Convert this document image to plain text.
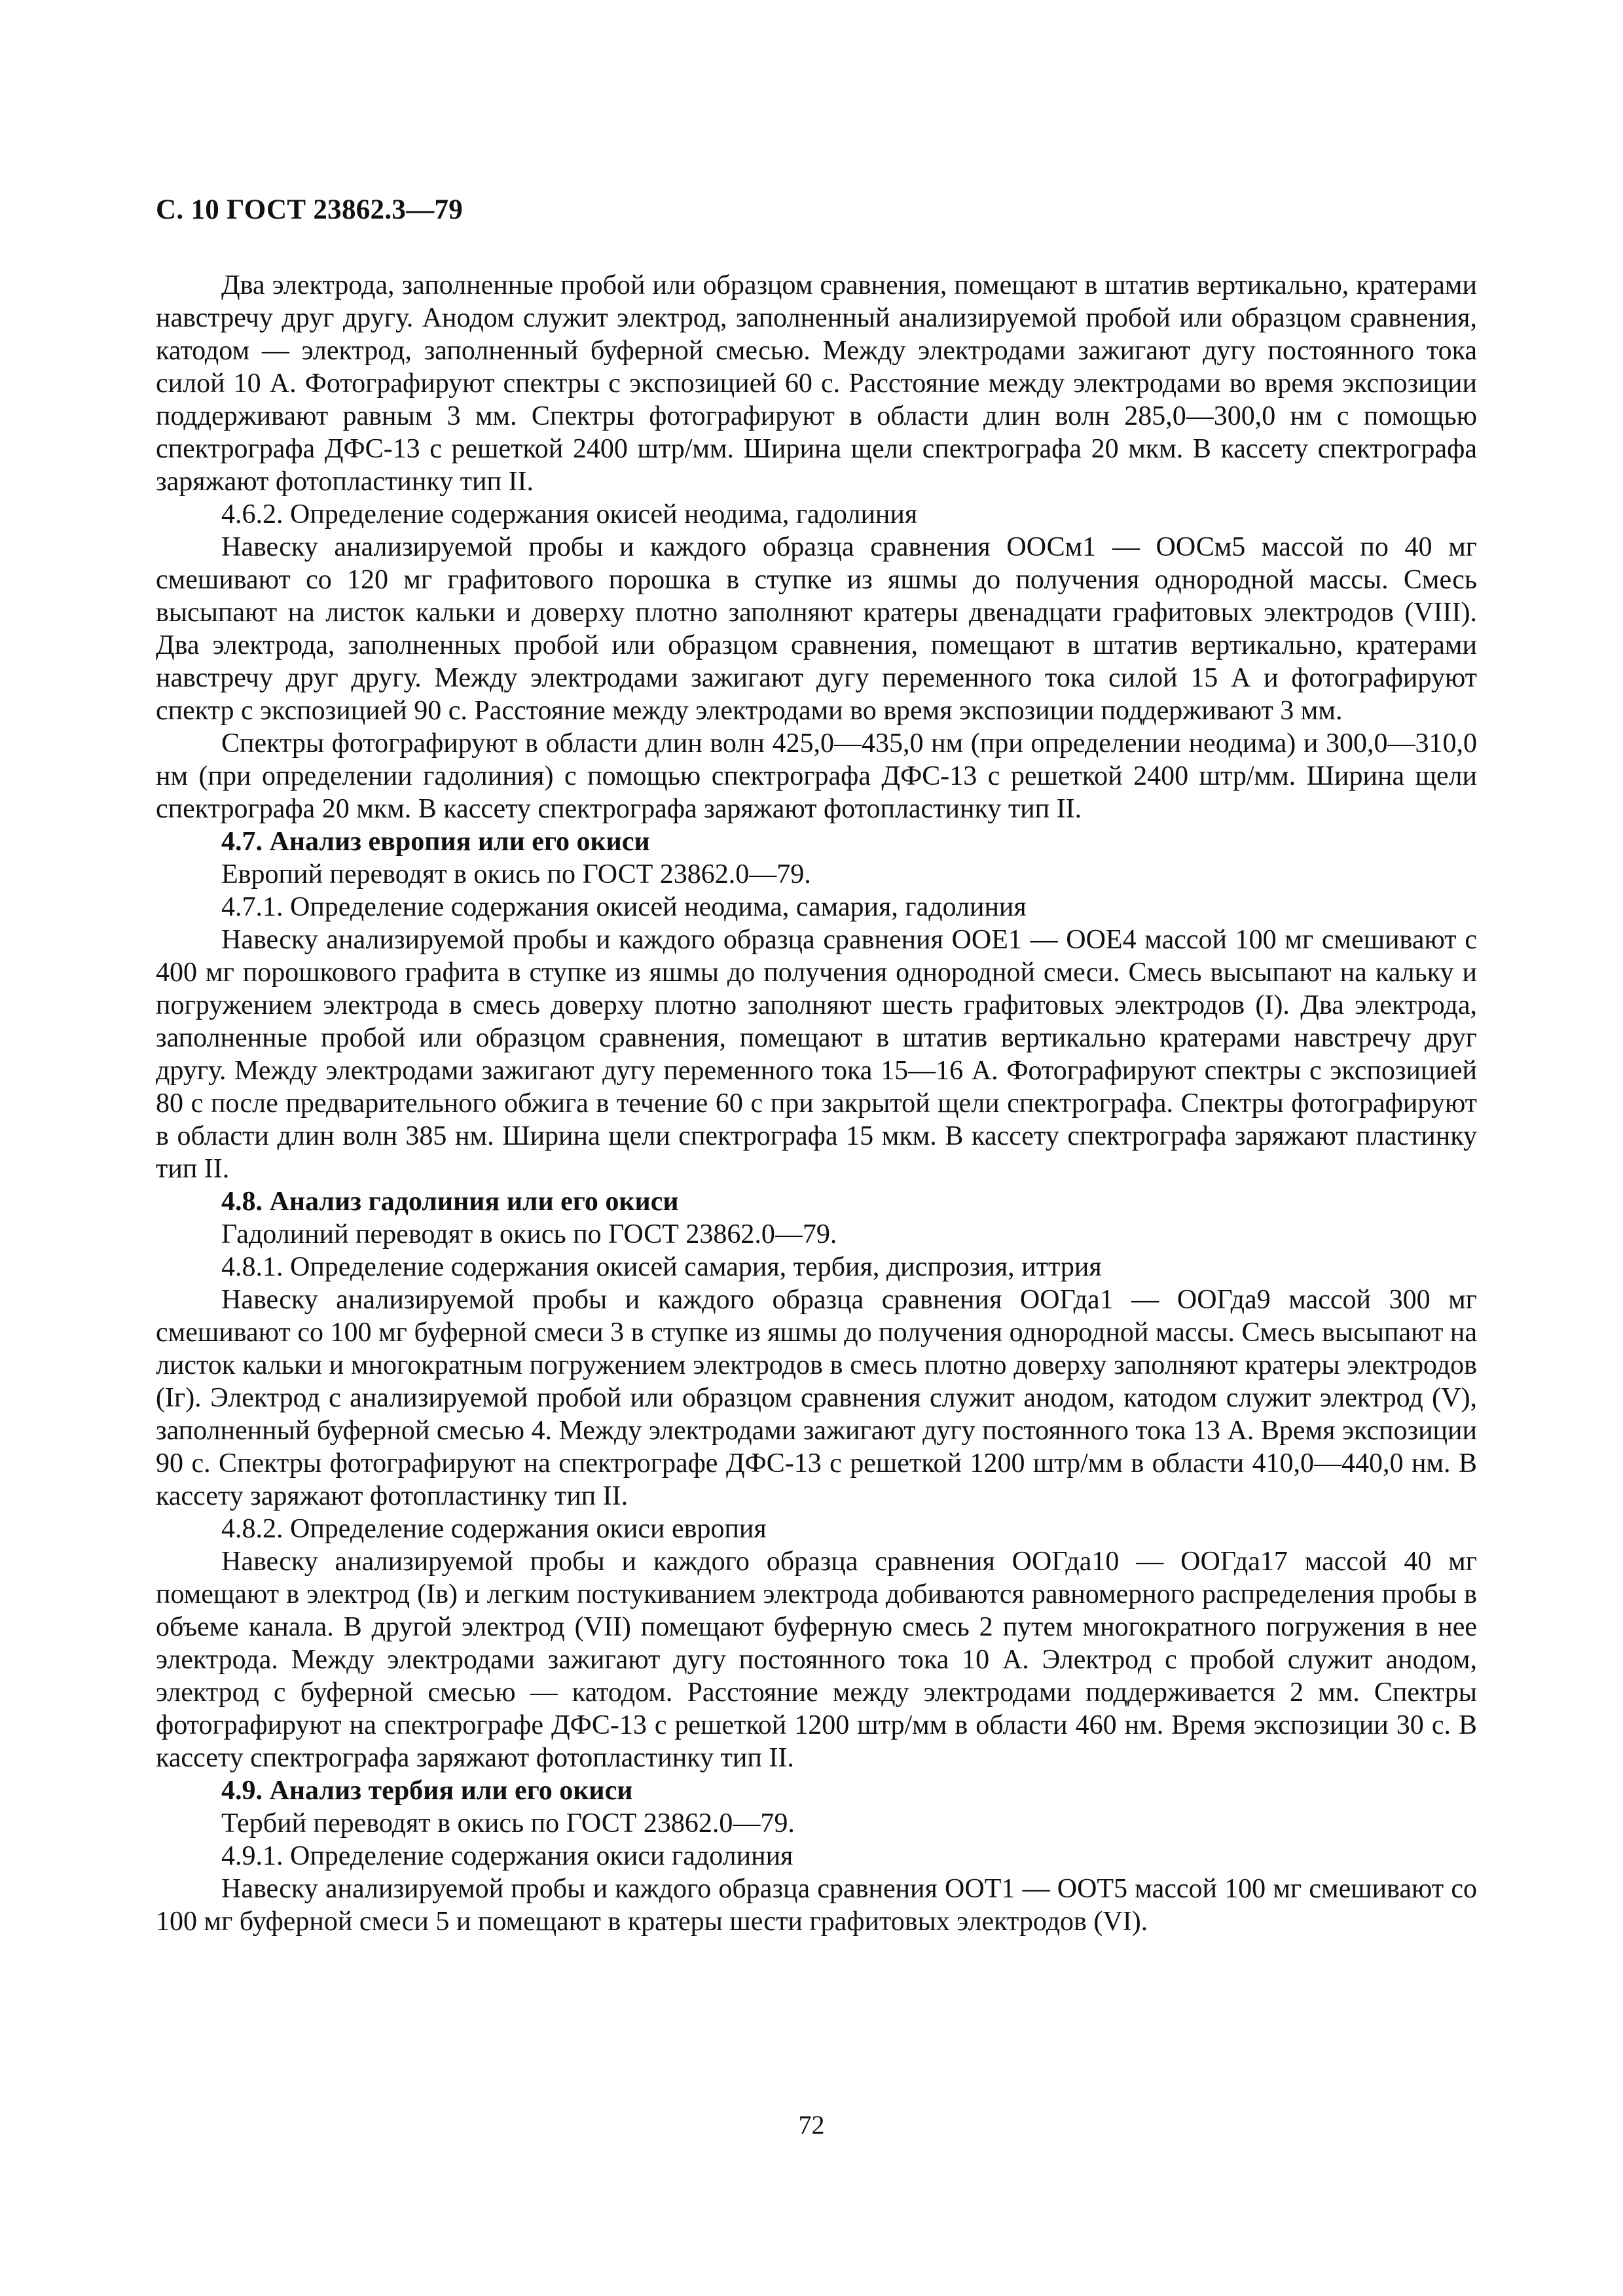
С. 10 ГОСТ 23862.3—79

Два электрода, заполненные пробой или образцом сравнения, помещают в штатив вертикально, кратерами навстречу друг другу. Анодом служит электрод, заполненный анализируемой пробой или образцом сравнения, катодом — электрод, заполненный буферной смесью. Между электродами зажигают дугу постоянного тока силой 10 А. Фотографируют спектры с экспозицией 60 с. Расстояние между электродами во время экспозиции поддерживают равным 3 мм. Спектры фотографируют в области длин волн 285,0—300,0 нм с помощью спектрографа ДФС-13 с решеткой 2400 штр/мм. Ширина щели спектрографа 20 мкм. В кассету спектрографа заряжают фотопластинку тип II.

4.6.2. Определение содержания окисей неодима, гадолиния

Навеску анализируемой пробы и каждого образца сравнения ООСм1 — ООСм5 массой по 40 мг смешивают со 120 мг графитового порошка в ступке из яшмы до получения однородной массы. Смесь высыпают на листок кальки и доверху плотно заполняют кратеры двенадцати графитовых электродов (VIII). Два электрода, заполненных пробой или образцом сравнения, помещают в штатив вертикально, кратерами навстречу друг другу. Между электродами зажигают дугу переменного тока силой 15 А и фотографируют спектр с экспозицией 90 с. Расстояние между электродами во время экспозиции поддерживают 3 мм.

Спектры фотографируют в области длин волн 425,0—435,0 нм (при определении неодима) и 300,0—310,0 нм (при определении гадолиния) с помощью спектрографа ДФС-13 с решеткой 2400 штр/мм. Ширина щели спектрографа 20 мкм. В кассету спектрографа заряжают фотопластинку тип II.

4.7. Анализ европия или его окиси

Европий переводят в окись по ГОСТ 23862.0—79.

4.7.1. Определение содержания окисей неодима, самария, гадолиния

Навеску анализируемой пробы и каждого образца сравнения ООЕ1 — ООЕ4 массой 100 мг смешивают с 400 мг порошкового графита в ступке из яшмы до получения однородной смеси. Смесь высыпают на кальку и погружением электрода в смесь доверху плотно заполняют шесть графитовых электродов (I). Два электрода, заполненные пробой или образцом сравнения, помещают в штатив вертикально кратерами навстречу друг другу. Между электродами зажигают дугу переменного тока 15—16 А. Фотографируют спектры с экспозицией 80 с после предварительного обжига в течение 60 с при закрытой щели спектрографа. Спектры фотографируют в области длин волн 385 нм. Ширина щели спектрографа 15 мкм. В кассету спектрографа заряжают пластинку тип II.

4.8. Анализ гадолиния или его окиси

Гадолиний переводят в окись по ГОСТ 23862.0—79.

4.8.1. Определение содержания окисей самария, тербия, диспрозия, иттрия

Навеску анализируемой пробы и каждого образца сравнения ООГда1 — ООГда9 массой 300 мг смешивают со 100 мг буферной смеси 3 в ступке из яшмы до получения однородной массы. Смесь высыпают на листок кальки и многократным погружением электродов в смесь плотно доверху заполняют кратеры электродов (Iг). Электрод с анализируемой пробой или образцом сравнения служит анодом, катодом служит электрод (V), заполненный буферной смесью 4. Между электродами зажигают дугу постоянного тока 13 А. Время экспозиции 90 с. Спектры фотографируют на спектрографе ДФС-13 с решеткой 1200 штр/мм в области 410,0—440,0 нм. В кассету заряжают фотопластинку тип II.

4.8.2. Определение содержания окиси европия

Навеску анализируемой пробы и каждого образца сравнения ООГда10 — ООГда17 массой 40 мг помещают в электрод (Iв) и легким постукиванием электрода добиваются равномерного распределения пробы в объеме канала. В другой электрод (VII) помещают буферную смесь 2 путем многократного погружения в нее электрода. Между электродами зажигают дугу постоянного тока 10 А. Электрод с пробой служит анодом, электрод с буферной смесью — катодом. Расстояние между электродами поддерживается 2 мм. Спектры фотографируют на спектрографе ДФС-13 с решеткой 1200 штр/мм в области 460 нм. Время экспозиции 30 с. В кассету спектрографа заряжают фотопластинку тип II.

4.9. Анализ тербия или его окиси

Тербий переводят в окись по ГОСТ 23862.0—79.

4.9.1. Определение содержания окиси гадолиния

Навеску анализируемой пробы и каждого образца сравнения ООТ1 — ООТ5 массой 100 мг смешивают со 100 мг буферной смеси 5 и помещают в кратеры шести графитовых электродов (VI).

72
